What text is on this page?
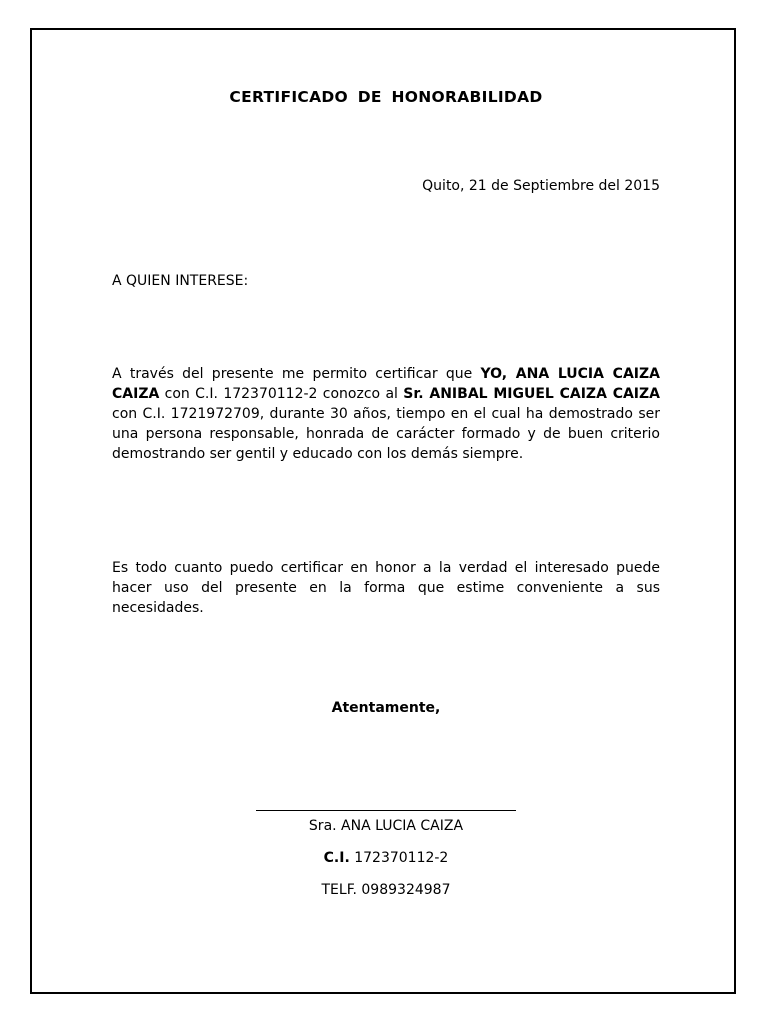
CERTIFICADO DE HONORABILIDAD

Quito, 21 de Septiembre del 2015

A QUIEN INTERESE:

A través del presente me permito certificar que YO, ANA LUCIA CAIZA CAIZA con C.I. 172370112-2 conozco al Sr. ANIBAL MIGUEL CAIZA CAIZA con C.I. 1721972709, durante 30 años, tiempo en el cual ha demostrado ser una persona responsable, honrada de carácter formado y de buen criterio demostrando ser gentil y educado con los demás siempre.

Es todo cuanto puedo certificar en honor a la verdad el interesado puede hacer uso del presente en la forma que estime conveniente a sus necesidades.

Atentamente,

Sra. ANA LUCIA CAIZA

C.I. 172370112-2

TELF. 0989324987
